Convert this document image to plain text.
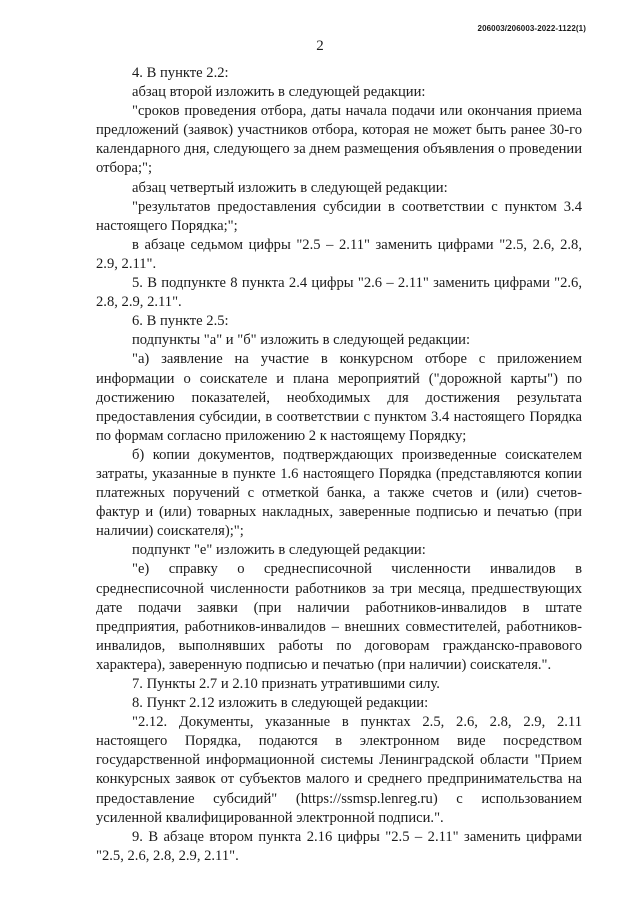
206003/206003-2022-1122(1)
2

4. В пункте 2.2:

абзац второй изложить в следующей редакции:

"сроков проведения отбора, даты начала подачи или окончания приема предложений (заявок) участников отбора, которая не может быть ранее 30-го календарного дня, следующего за днем размещения объявления о проведении отбора;";

абзац четвертый изложить в следующей редакции:

"результатов предоставления субсидии в соответствии с пунктом 3.4 настоящего Порядка;";

в абзаце седьмом цифры "2.5 – 2.11" заменить цифрами "2.5, 2.6, 2.8, 2.9, 2.11".

5. В подпункте 8 пункта 2.4 цифры "2.6 – 2.11" заменить цифрами "2.6, 2.8, 2.9, 2.11".

6. В пункте 2.5:

подпункты "а" и "б" изложить в следующей редакции:

"а) заявление на участие в конкурсном отборе с приложением информации о соискателе и плана мероприятий ("дорожной карты") по достижению показателей, необходимых для достижения результата предоставления субсидии, в соответствии с пунктом 3.4 настоящего Порядка по формам согласно приложению 2 к настоящему Порядку;

б) копии документов, подтверждающих произведенные соискателем затраты, указанные в пункте 1.6 настоящего Порядка (представляются копии платежных поручений с отметкой банка, а также счетов и (или) счетов-фактур и (или) товарных накладных, заверенные подписью и печатью (при наличии) соискателя);";

подпункт "е" изложить в следующей редакции:

"е) справку о среднесписочной численности инвалидов в среднесписочной численности работников за три месяца, предшествующих дате подачи заявки (при наличии работников-инвалидов в штате предприятия, работников-инвалидов – внешних совместителей, работников-инвалидов, выполнявших работы по договорам гражданско-правового характера), заверенную подписью и печатью (при наличии) соискателя.".

7. Пункты 2.7 и 2.10 признать утратившими силу.

8. Пункт 2.12 изложить в следующей редакции:

"2.12. Документы, указанные в пунктах 2.5, 2.6, 2.8, 2.9, 2.11 настоящего Порядка, подаются в электронном виде посредством государственной информационной системы Ленинградской области "Прием конкурсных заявок от субъектов малого и среднего предпринимательства на предоставление субсидий" (https://ssmsp.lenreg.ru) с использованием усиленной квалифицированной электронной подписи.".

9. В абзаце втором пункта 2.16 цифры "2.5 – 2.11" заменить цифрами "2.5, 2.6, 2.8, 2.9, 2.11".
